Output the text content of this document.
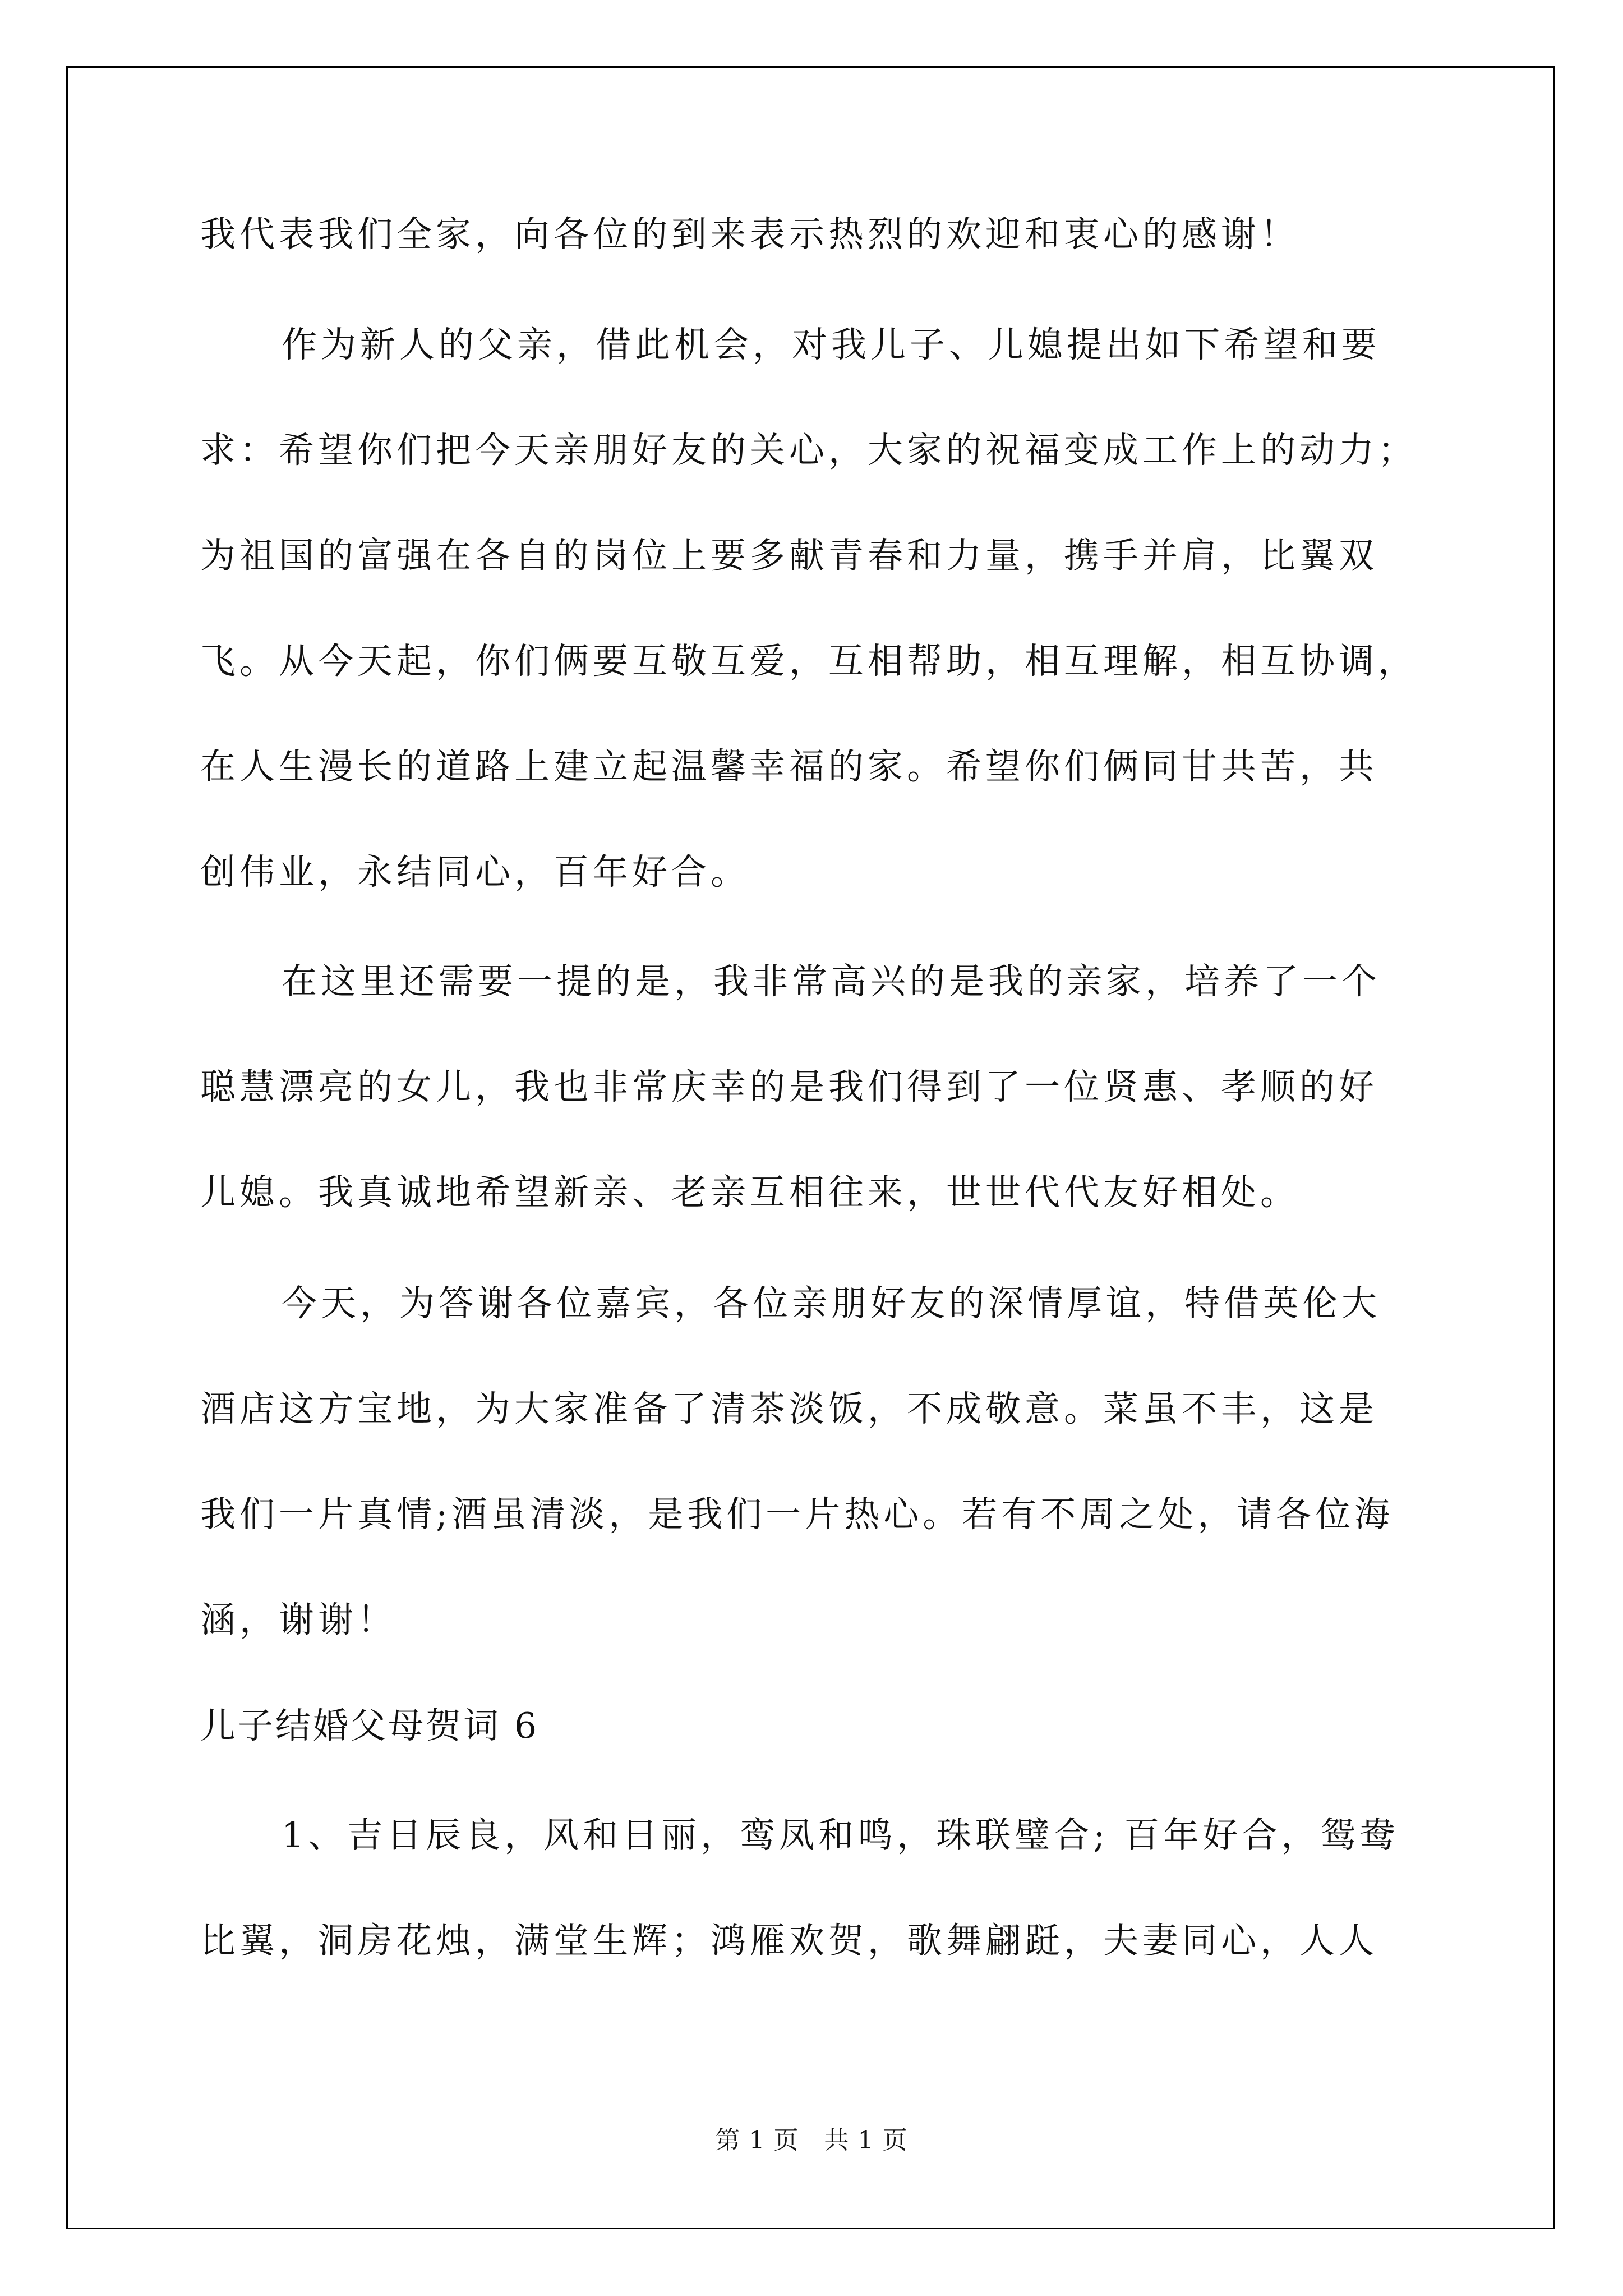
我代表我们全家，向各位的到来表示热烈的欢迎和衷心的感谢！
作为新人的父亲，借此机会，对我儿子、儿媳提出如下希望和要
求：希望你们把今天亲朋好友的关心，大家的祝福变成工作上的动力；
为祖国的富强在各自的岗位上要多献青春和力量，携手并肩，比翼双
飞。从今天起，你们俩要互敬互爱，互相帮助，相互理解，相互协调，
在人生漫长的道路上建立起温馨幸福的家。希望你们俩同甘共苦，共
创伟业，永结同心，百年好合。
在这里还需要一提的是，我非常高兴的是我的亲家，培养了一个
聪慧漂亮的女儿，我也非常庆幸的是我们得到了一位贤惠、孝顺的好
儿媳。我真诚地希望新亲、老亲互相往来，世世代代友好相处。
今天，为答谢各位嘉宾，各位亲朋好友的深情厚谊，特借英伦大
酒店这方宝地，为大家准备了清茶淡饭，不成敬意。菜虽不丰，这是
我们一片真情;酒虽清淡，是我们一片热心。若有不周之处，请各位海
涵，谢谢！
儿子结婚父母贺词 6
1、吉日辰良，风和日丽，鸾凤和鸣，珠联璧合; 百年好合，鸳鸯
比翼，洞房花烛，满堂生辉；鸿雁欢贺，歌舞翩跹，夫妻同心，人人
第 1 页   共 1 页
